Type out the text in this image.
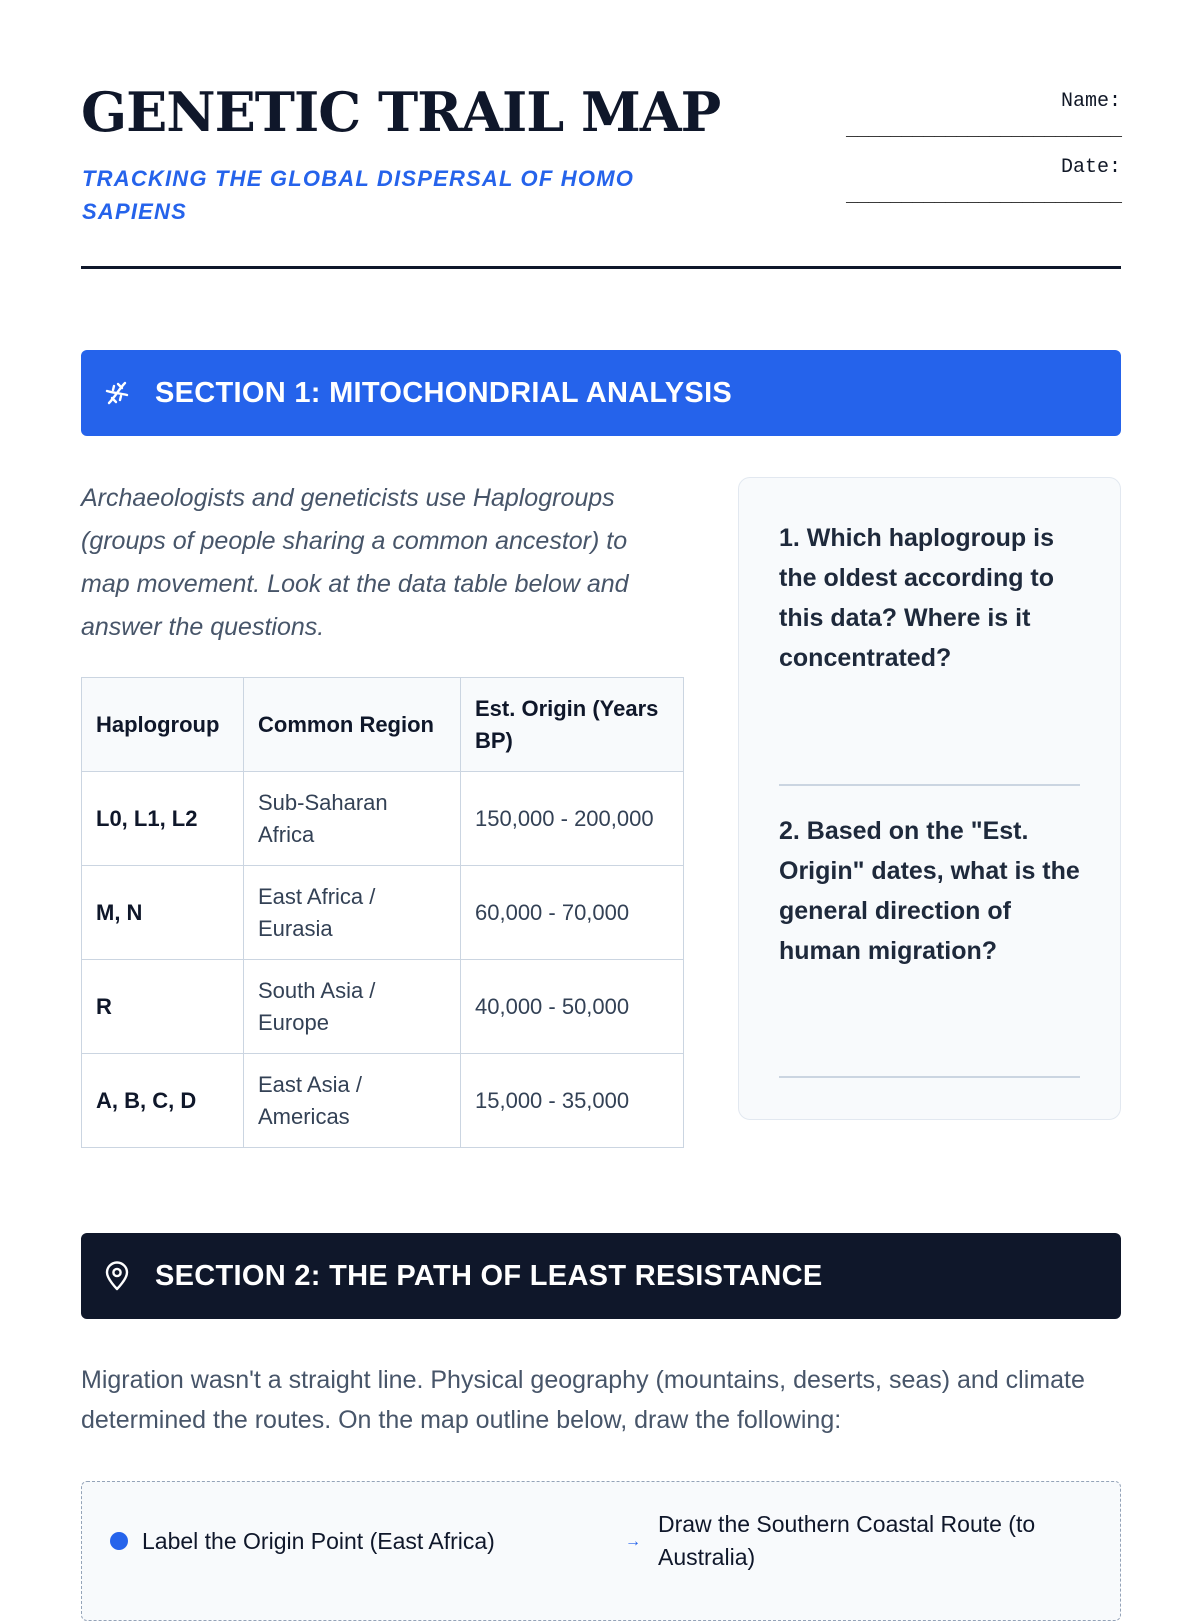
GENETIC TRAIL MAP

TRACKING THE GLOBAL DISPERSAL OF HOMO SAPIENS

Name:
_________________________
Date:
_________________________
SECTION 1: MITOCHONDRIAL ANALYSIS

Archaeologists and geneticists use Haplogroups (groups of people sharing a common ancestor) to map movement. Look at the data table below and answer the questions.

Haplogroup	Common Region	Est. Origin (Years BP)
L0, L1, L2	Sub-Saharan Africa	150,000 - 200,000
M, N	East Africa / Eurasia	60,000 - 70,000
R	South Asia / Europe	40,000 - 50,000
A, B, C, D	East Asia / Americas	15,000 - 35,000

1. Which haplogroup is the oldest according to this data? Where is it concentrated?

2. Based on the "Est. Origin" dates, what is the general direction of human migration?

SECTION 2: THE PATH OF LEAST RESISTANCE

Migration wasn't a straight line. Physical geography (mountains, deserts, seas) and climate determined the routes. On the map outline below, draw the following:

Label the Origin Point (East Africa)	→
Draw the Southern Coastal Route (to Australia)
